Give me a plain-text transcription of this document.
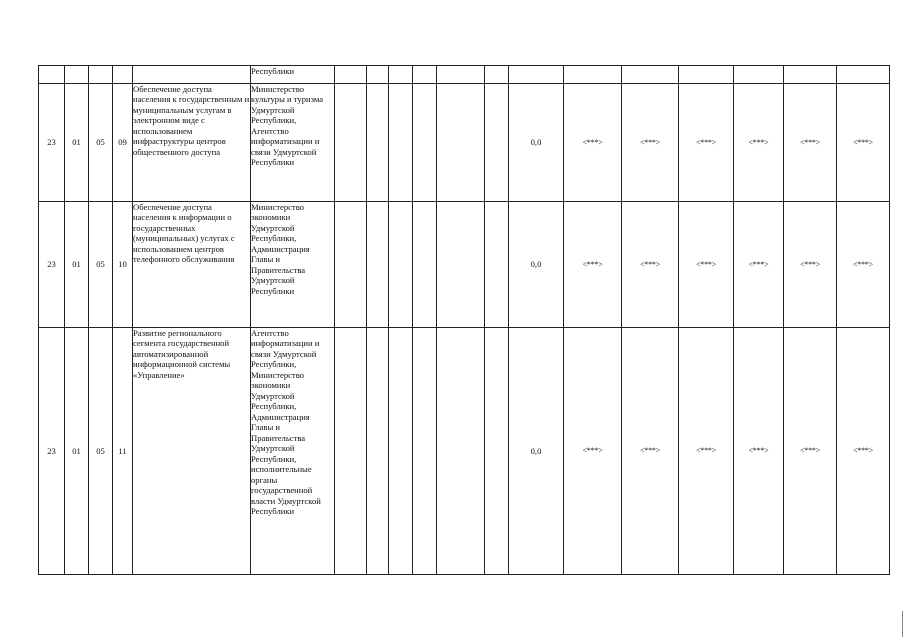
					Республики													
23	01	05	09	Обеспечение доступа населения к государственным и муниципальным услугам в электронном виде с использованием инфраструктуры центров общественного доступа	Министерство культуры и туризма Удмуртской Республики, Агентство информатизации и связи Удмуртской Республики							0,0	<***>	<***>	<***>	<***>	<***>	<***>
23	01	05	10	Обеспечение доступа населения к информации о государственных (муниципальных) услугах с использованием центров телефонного обслуживания	Министерство экономики Удмуртской Республики, Администрация Главы и Правительства Удмуртской Республики							0,0	<***>	<***>	<***>	<***>	<***>	<***>
23	01	05	11	Развитие регионального сегмента государственной автоматизированной информационной системы «Управление»	Агентство информатизации и связи Удмуртской Республики, Министерство экономики Удмуртской Республики, Администрация Главы и Правительства Удмуртской Республики, исполнительные органы государственной власти Удмуртской Республики							0,0	<***>	<***>	<***>	<***>	<***>	<***>
